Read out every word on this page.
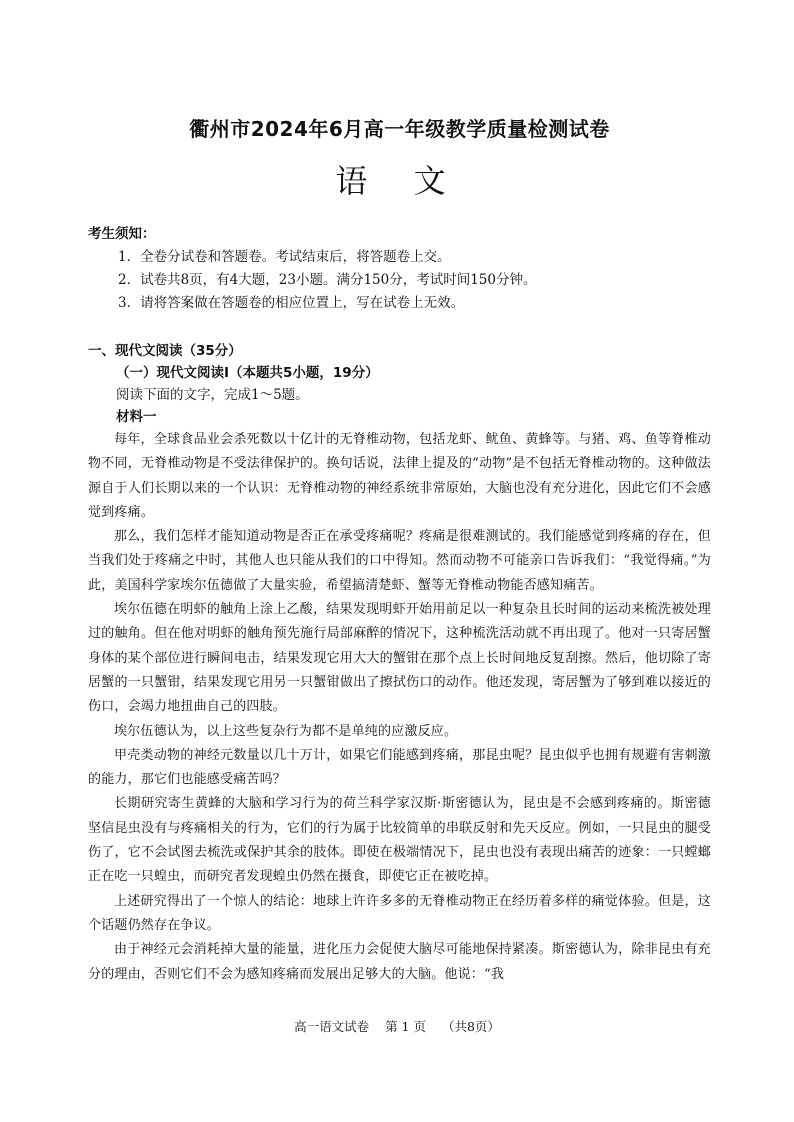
衢州市2024年6月高一年级教学质量检测试卷
语 文
考生须知：
1．全卷分试卷和答题卷。考试结束后，将答题卷上交。
2．试卷共8页，有4大题，23小题。满分150分，考试时间150分钟。
3．请将答案做在答题卷的相应位置上，写在试卷上无效。
一、现代文阅读（35分）
（一）现代文阅读Ⅰ（本题共5小题，19分）
阅读下面的文字，完成1～5题。
材料一

每年，全球食品业会杀死数以十亿计的无脊椎动物，包括龙虾、鱿鱼、黄蜂等。与猪、鸡、鱼等脊椎动物不同，无脊椎动物是不受法律保护的。换句话说，法律上提及的“动物”是不包括无脊椎动物的。这种做法源自于人们长期以来的一个认识：无脊椎动物的神经系统非常原始，大脑也没有充分进化，因此它们不会感觉到疼痛。

那么，我们怎样才能知道动物是否正在承受疼痛呢？疼痛是很难测试的。我们能感觉到疼痛的存在，但当我们处于疼痛之中时，其他人也只能从我们的口中得知。然而动物不可能亲口告诉我们：“我觉得痛。”为此，美国科学家埃尔伍德做了大量实验，希望搞清楚虾、蟹等无脊椎动物能否感知痛苦。

埃尔伍德在明虾的触角上涂上乙酸，结果发现明虾开始用前足以一种复杂且长时间的运动来梳洗被处理过的触角。但在他对明虾的触角预先施行局部麻醉的情况下，这种梳洗活动就不再出现了。他对一只寄居蟹身体的某个部位进行瞬间电击，结果发现它用大大的蟹钳在那个点上长时间地反复刮擦。然后，他切除了寄居蟹的一只蟹钳，结果发现它用另一只蟹钳做出了擦拭伤口的动作。他还发现，寄居蟹为了够到难以接近的伤口，会竭力地扭曲自己的四肢。

埃尔伍德认为，以上这些复杂行为都不是单纯的应激反应。

甲壳类动物的神经元数量以几十万计，如果它们能感到疼痛，那昆虫呢？昆虫似乎也拥有规避有害刺激的能力，那它们也能感受痛苦吗？

长期研究寄生黄蜂的大脑和学习行为的荷兰科学家汉斯·斯密德认为，昆虫是不会感到疼痛的。斯密德坚信昆虫没有与疼痛相关的行为，它们的行为属于比较简单的串联反射和先天反应。例如，一只昆虫的腿受伤了，它不会试图去梳洗或保护其余的肢体。即使在极端情况下，昆虫也没有表现出痛苦的迹象：一只螳螂正在吃一只蝗虫，而研究者发现蝗虫仍然在摄食，即使它正在被吃掉。

上述研究得出了一个惊人的结论：地球上许许多多的无脊椎动物正在经历着多样的痛觉体验。但是，这个话题仍然存在争议。

由于神经元会消耗掉大量的能量，进化压力会促使大脑尽可能地保持紧凑。斯密德认为，除非昆虫有充分的理由，否则它们不会为感知疼痛而发展出足够大的大脑。他说：“我

高一语文试卷 第 1 页 （共8页）
